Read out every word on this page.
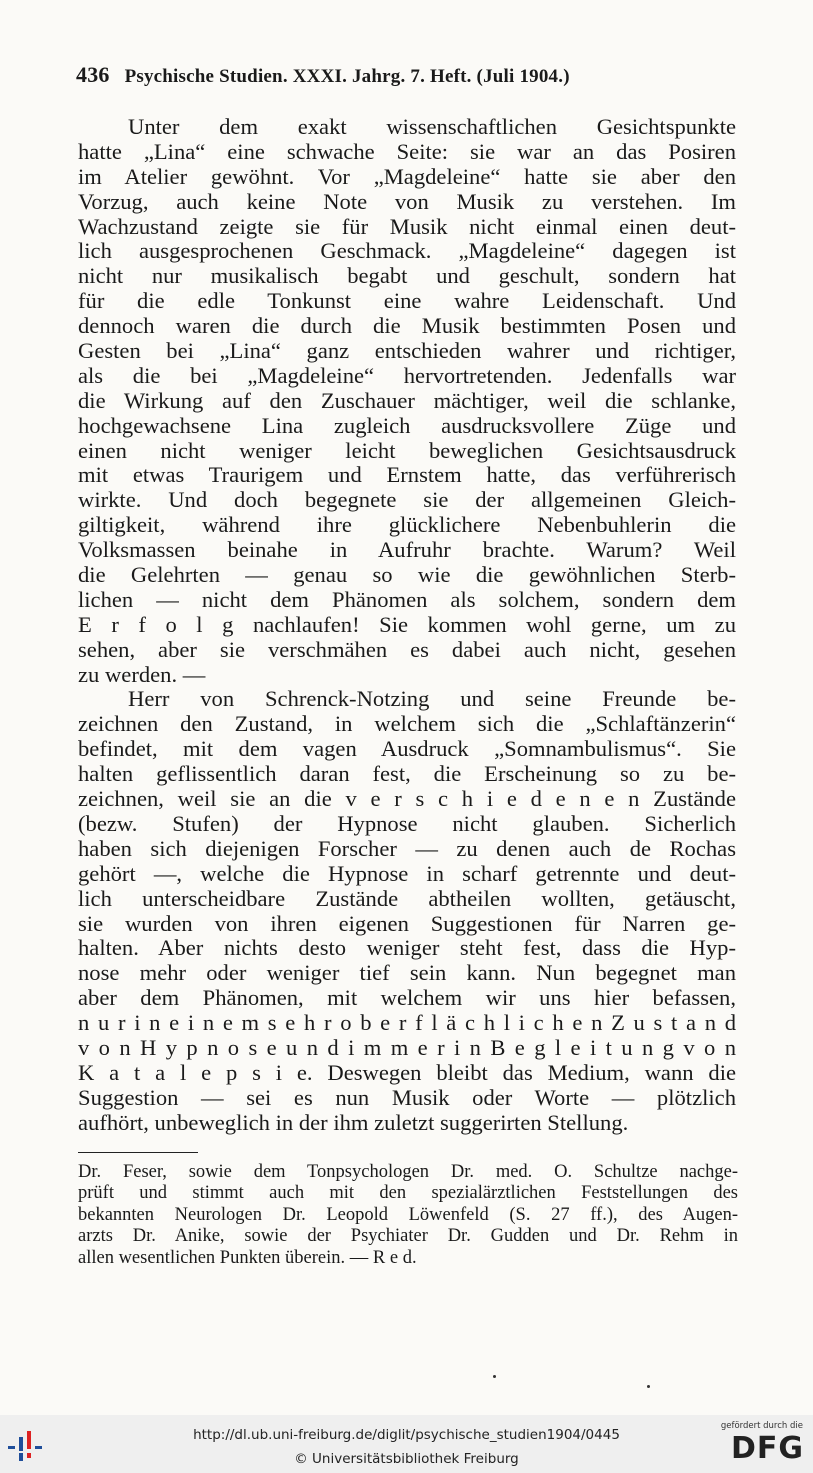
436 Psychische Studien. XXXI. Jahrg. 7. Heft. (Juli 1904.)
Unter dem exakt wissenschaftlichen Gesichtspunkte
hatte „Lina“ eine schwache Seite: sie war an das Posiren
im Atelier gewöhnt. Vor „Magdeleine“ hatte sie aber den
Vorzug, auch keine Note von Musik zu verstehen. Im
Wachzustand zeigte sie für Musik nicht einmal einen deut-
lich ausgesprochenen Geschmack. „Magdeleine“ dagegen ist
nicht nur musikalisch begabt und geschult, sondern hat
für die edle Tonkunst eine wahre Leidenschaft. Und
dennoch waren die durch die Musik bestimmten Posen und
Gesten bei „Lina“ ganz entschieden wahrer und richtiger,
als die bei „Magdeleine“ hervortretenden. Jedenfalls war
die Wirkung auf den Zuschauer mächtiger, weil die schlanke,
hochgewachsene Lina zugleich ausdrucksvollere Züge und
einen nicht weniger leicht beweglichen Gesichtsausdruck
mit etwas Traurigem und Ernstem hatte, das verführerisch
wirkte. Und doch begegnete sie der allgemeinen Gleich-
giltigkeit, während ihre glücklichere Nebenbuhlerin die
Volksmassen beinahe in Aufruhr brachte. Warum? Weil
die Gelehrten — genau so wie die gewöhnlichen Sterb-
lichen — nicht dem Phänomen als solchem, sondern dem
E r f o l g nachlaufen! Sie kommen wohl gerne, um zu
sehen, aber sie verschmähen es dabei auch nicht, gesehen
zu werden. —
Herr von Schrenck-Notzing und seine Freunde be-
zeichnen den Zustand, in welchem sich die „Schlaftänzerin“
befindet, mit dem vagen Ausdruck „Somnambulismus“. Sie
halten geflissentlich daran fest, die Erscheinung so zu be-
zeichnen, weil sie an die v e r s c h i e d e n e n Zustände
(bezw. Stufen) der Hypnose nicht glauben. Sicherlich
haben sich diejenigen Forscher — zu denen auch de Rochas
gehört —, welche die Hypnose in scharf getrennte und deut-
lich unterscheidbare Zustände abtheilen wollten, getäuscht,
sie wurden von ihren eigenen Suggestionen für Narren ge-
halten. Aber nichts desto weniger steht fest, dass die Hyp-
nose mehr oder weniger tief sein kann. Nun begegnet man
aber dem Phänomen, mit welchem wir uns hier befassen,
n u r i n e i n e m s e h r o b e r f l ä c h l i c h e n Z u s t a n d
v o n H y p n o s e u n d i m m e r i n B e g l e i t u n g v o n
K a t a l e p s i e. Deswegen bleibt das Medium, wann die
Suggestion — sei es nun Musik oder Worte — plötzlich
aufhört, unbeweglich in der ihm zuletzt suggerirten Stellung.
Dr. Feser, sowie dem Tonpsychologen Dr. med. O. Schultze nachge-
prüft und stimmt auch mit den spezialärztlichen Feststellungen des
bekannten Neurologen Dr. Leopold Löwenfeld (S. 27 ff.), des Augen-
arzts Dr. Anike, sowie der Psychiater Dr. Gudden und Dr. Rehm in
allen wesentlichen Punkten überein. — R e d.
http://dl.ub.uni-freiburg.de/diglit/psychische_studien1904/0445
© Universitätsbibliothek Freiburg
gefördert durch die
DFG
